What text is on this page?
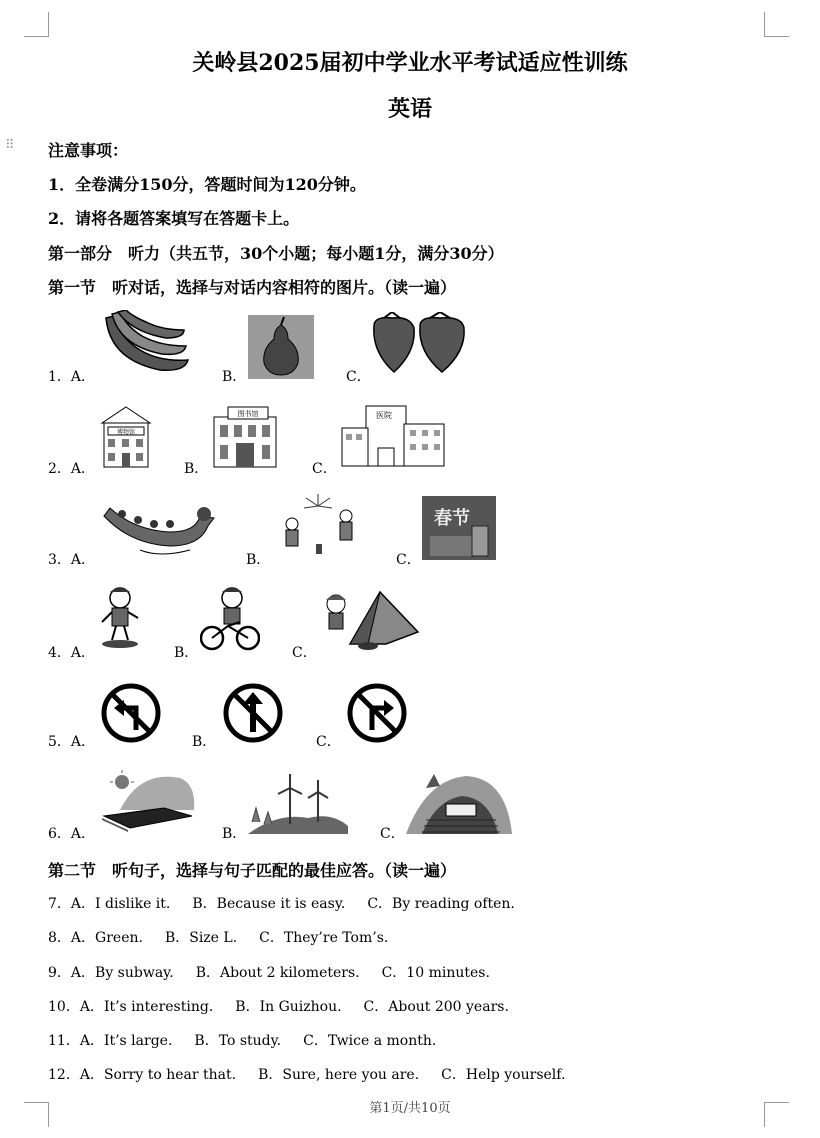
⠿
关岭县2025届初中学业水平考试适应性训练
英语
注意事项：
1．全卷满分150分，答题时间为120分钟。
2．请将各题答案填写在答题卡上。
第一部分　听力（共五节，30个小题；每小题1分，满分30分）
第一节　听对话，选择与对话内容相符的图片。（读一遍）
1．A．	B．	C．
2．A．
博物馆
B．
图书馆
C．
医院
3．A．	B．	C．
春节
4．A．	B．	C．
5．A．	B．	C．
6．A．	B．	C．
第二节　听句子，选择与句子匹配的最佳应答。（读一遍）
7．A．I dislike it. B．Because it is easy. C．By reading often.
8．A．Green. B．Size L. C．They’re Tom’s.
9．A．By subway. B．About 2 kilometers. C．10 minutes.
10．A．It’s interesting. B．In Guizhou. C．About 200 years.
11．A．It’s large. B．To study. C．Twice a month.
12．A．Sorry to hear that. B．Sure, here you are. C．Help yourself.
第1页/共10页
